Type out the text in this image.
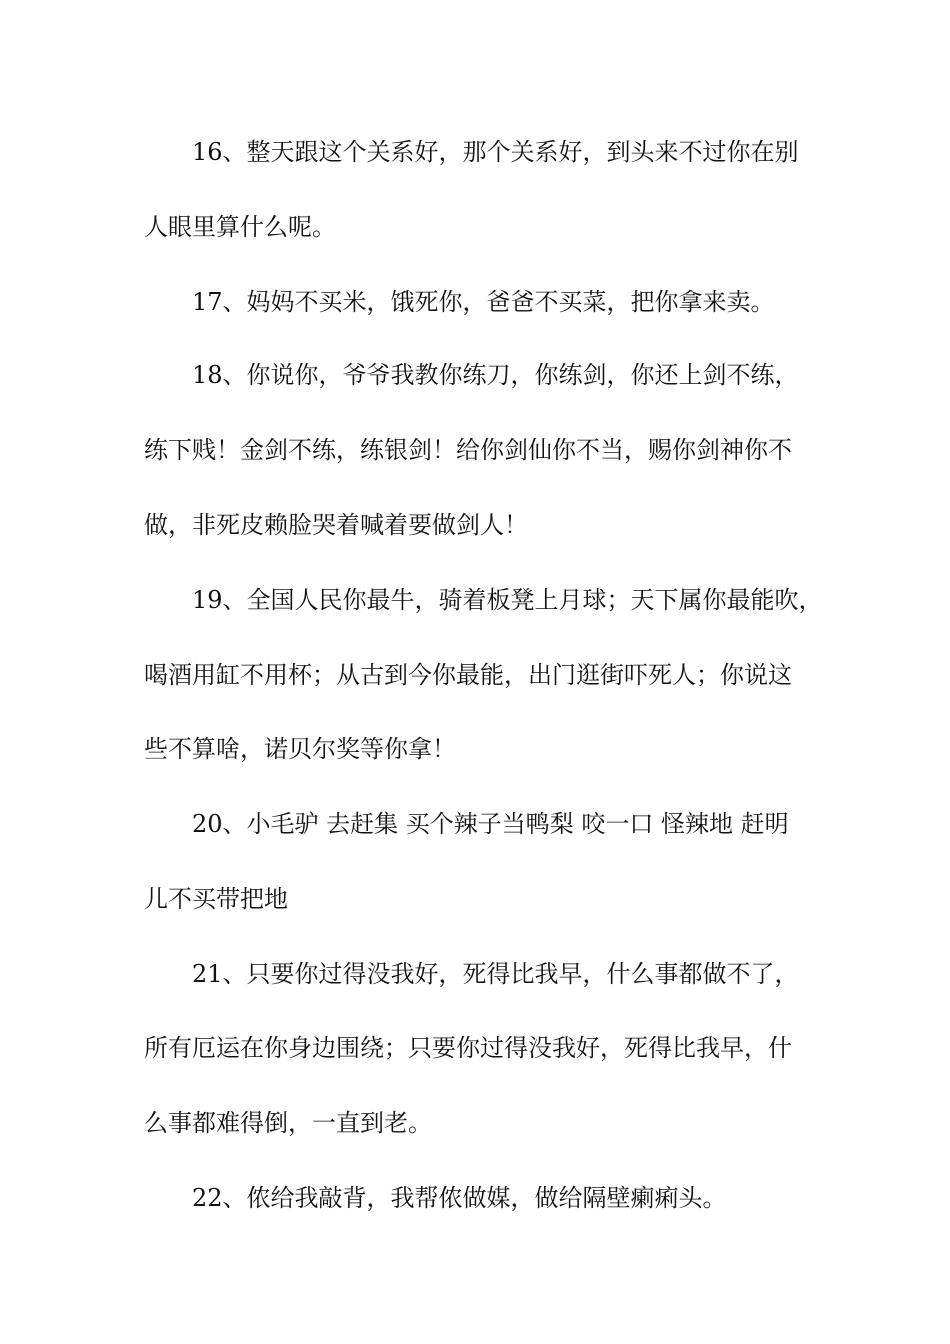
16、整天跟这个关系好，那个关系好，到头来不过你在别
人眼里算什么呢。
17、妈妈不买米，饿死你，爸爸不买菜，把你拿来卖。
18、你说你，爷爷我教你练刀，你练剑，你还上剑不练，
练下贱！金剑不练，练银剑！给你剑仙你不当，赐你剑神你不
做，非死皮赖脸哭着喊着要做剑人！
19、全国人民你最牛，骑着板凳上月球；天下属你最能吹，
喝酒用缸不用杯；从古到今你最能，出门逛街吓死人；你说这
些不算啥，诺贝尔奖等你拿！
20、小毛驴 去赶集 买个辣子当鸭梨 咬一口 怪辣地 赶明
儿不买带把地
21、只要你过得没我好，死得比我早，什么事都做不了，
所有厄运在你身边围绕；只要你过得没我好，死得比我早，什
么事都难得倒，一直到老。
22、侬给我敲背，我帮侬做媒，做给隔壁瘌痢头。
